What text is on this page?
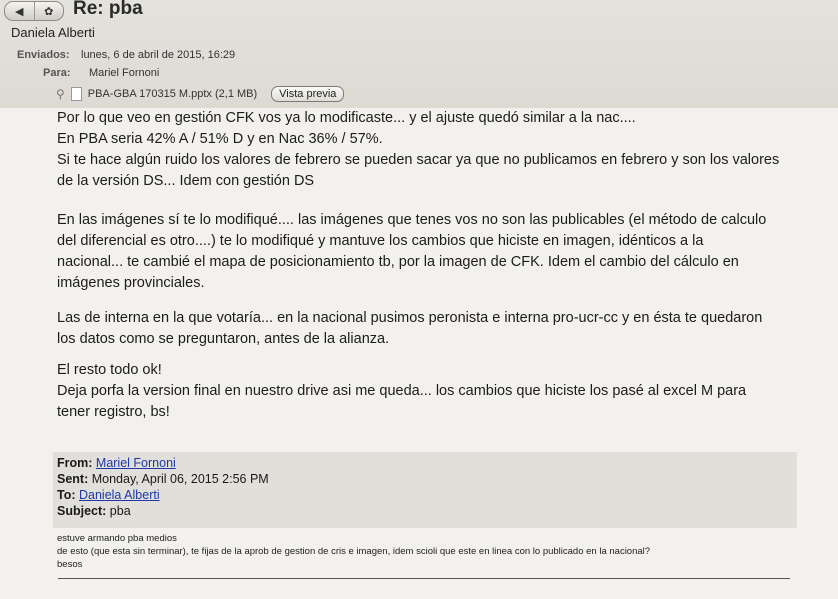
◀ ✿ Re: pba
Daniela Alberti
Enviados: lunes, 6 de abril de 2015, 16:29
Para: Mariel Fornoni
⚲ PBA-GBA 170315 M.pptx (2,1 MB)	Vista previa
Por lo que veo en gestión CFK vos ya lo modificaste... y el ajuste quedó similar a la nac....
En PBA seria 42% A / 51% D y en Nac 36% / 57%.
Si te hace algún ruido los valores de febrero se pueden sacar ya que no publicamos en febrero y son los valores
de la versión DS... Idem con gestión DS
En las imágenes sí te lo modifiqué.... las imágenes que tenes vos no son las publicables (el método de calculo
del diferencial es otro....) te lo modifiqué y mantuve los cambios que hiciste en imagen, idénticos a la
nacional... te cambié el mapa de posicionamiento tb, por la imagen de CFK. Idem el cambio del cálculo en
imágenes provinciales.
Las de interna en la que votaría... en la nacional pusimos peronista e interna pro-ucr-cc y en ésta te quedaron
los datos como se preguntaron, antes de la alianza.
El resto todo ok!
Deja porfa la version final en nuestro drive asi me queda... los cambios que hiciste los pasé al excel M para
tener registro, bs!
From: Mariel Fornoni
Sent: Monday, April 06, 2015 2:56 PM
To: Daniela Alberti
Subject: pba
estuve armando pba medios
de esto (que esta sin terminar), te fijas de la aprob de gestion de cris e imagen, idem scioli que este en linea con lo publicado en la nacional?
besos
